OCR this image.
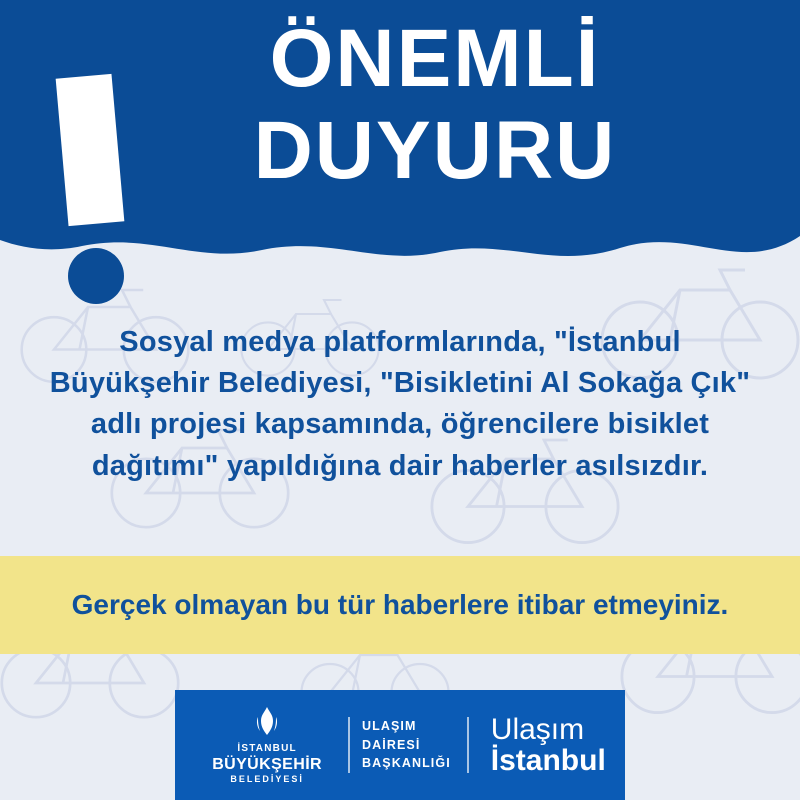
ÖNEMLİ
DUYURU
Sosyal medya platformlarında, "İstanbul Büyükşehir Belediyesi, "Bisikletini Al Sokağa Çık" adlı projesi kapsamında, öğrencilere bisiklet dağıtımı" yapıldığına dair haberler asılsızdır.
Gerçek olmayan bu tür haberlere itibar etmeyiniz.
İSTANBUL
BÜYÜKŞEHİR
BELEDİYESİ
ULAŞIM
DAİRESİ
BAŞKANLIĞI
Ulaşım
İstanbul
